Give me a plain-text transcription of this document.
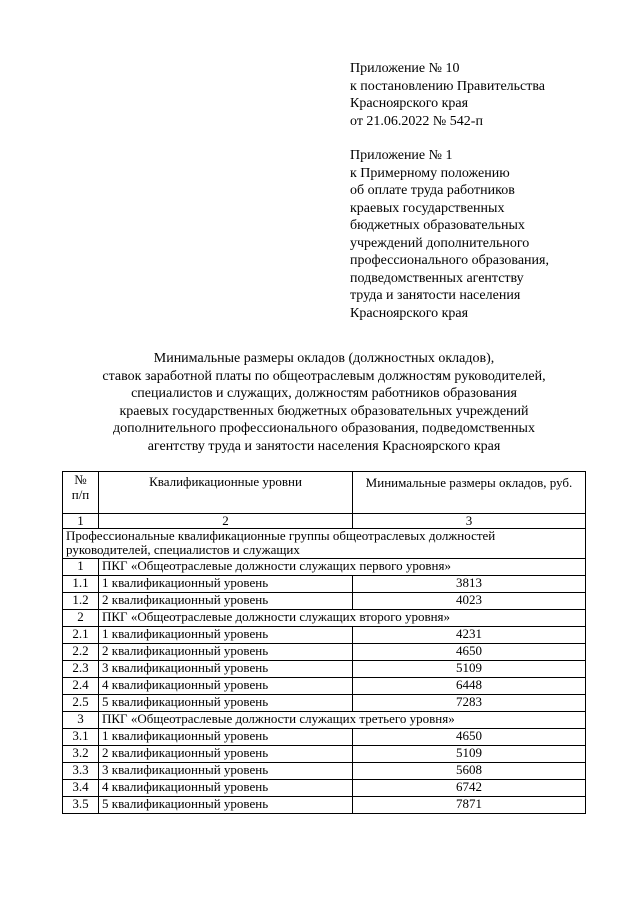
Приложение № 10
к постановлению Правительства
Красноярского края
от 21.06.2022 № 542-п
Приложение № 1
к Примерному положению
об оплате труда работников
краевых государственных
бюджетных образовательных
учреждений дополнительного
профессионального образования,
подведомственных агентству
труда и занятости населения
Красноярского края
Минимальные размеры окладов (должностных окладов),
ставок заработной платы по общеотраслевым должностям руководителей,
специалистов и служащих, должностям работников образования
краевых государственных бюджетных образовательных учреждений
дополнительного профессионального образования, подведомственных
агентству труда и занятости населения Красноярского края
№
п/п	Квалификационные уровни	Минимальные размеры окладов, руб.
1	2	3
Профессиональные квалификационные группы общеотраслевых должностей руководителей, специалистов и служащих		
1	ПКГ «Общеотраслевые должности служащих первого уровня»	
1.1	1 квалификационный уровень	3813
1.2	2 квалификационный уровень	4023
2	ПКГ «Общеотраслевые должности служащих второго уровня»	
2.1	1 квалификационный уровень	4231
2.2	2 квалификационный уровень	4650
2.3	3 квалификационный уровень	5109
2.4	4 квалификационный уровень	6448
2.5	5 квалификационный уровень	7283
3	ПКГ «Общеотраслевые должности служащих третьего уровня»	
3.1	1 квалификационный уровень	4650
3.2	2 квалификационный уровень	5109
3.3	3 квалификационный уровень	5608
3.4	4 квалификационный уровень	6742
3.5	5 квалификационный уровень	7871
